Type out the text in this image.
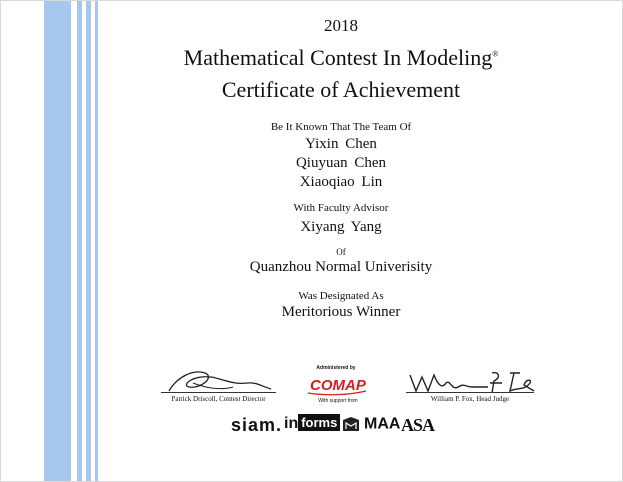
2018
Mathematical Contest In Modeling®
Certificate of Achievement
Be It Known That The Team Of
Yixin Chen
Qiuyuan Chen
Xiaoqiao Lin
With Faculty Advisor
Xiyang Yang
Of
Quanzhou Normal Univerisity
Was Designated As
Meritorious Winner
Patrick Driscoll, Contest Director
Administered by
COMAP
With support from	William P. Fox, Head Judge
siam. in forms	MAA ASA
